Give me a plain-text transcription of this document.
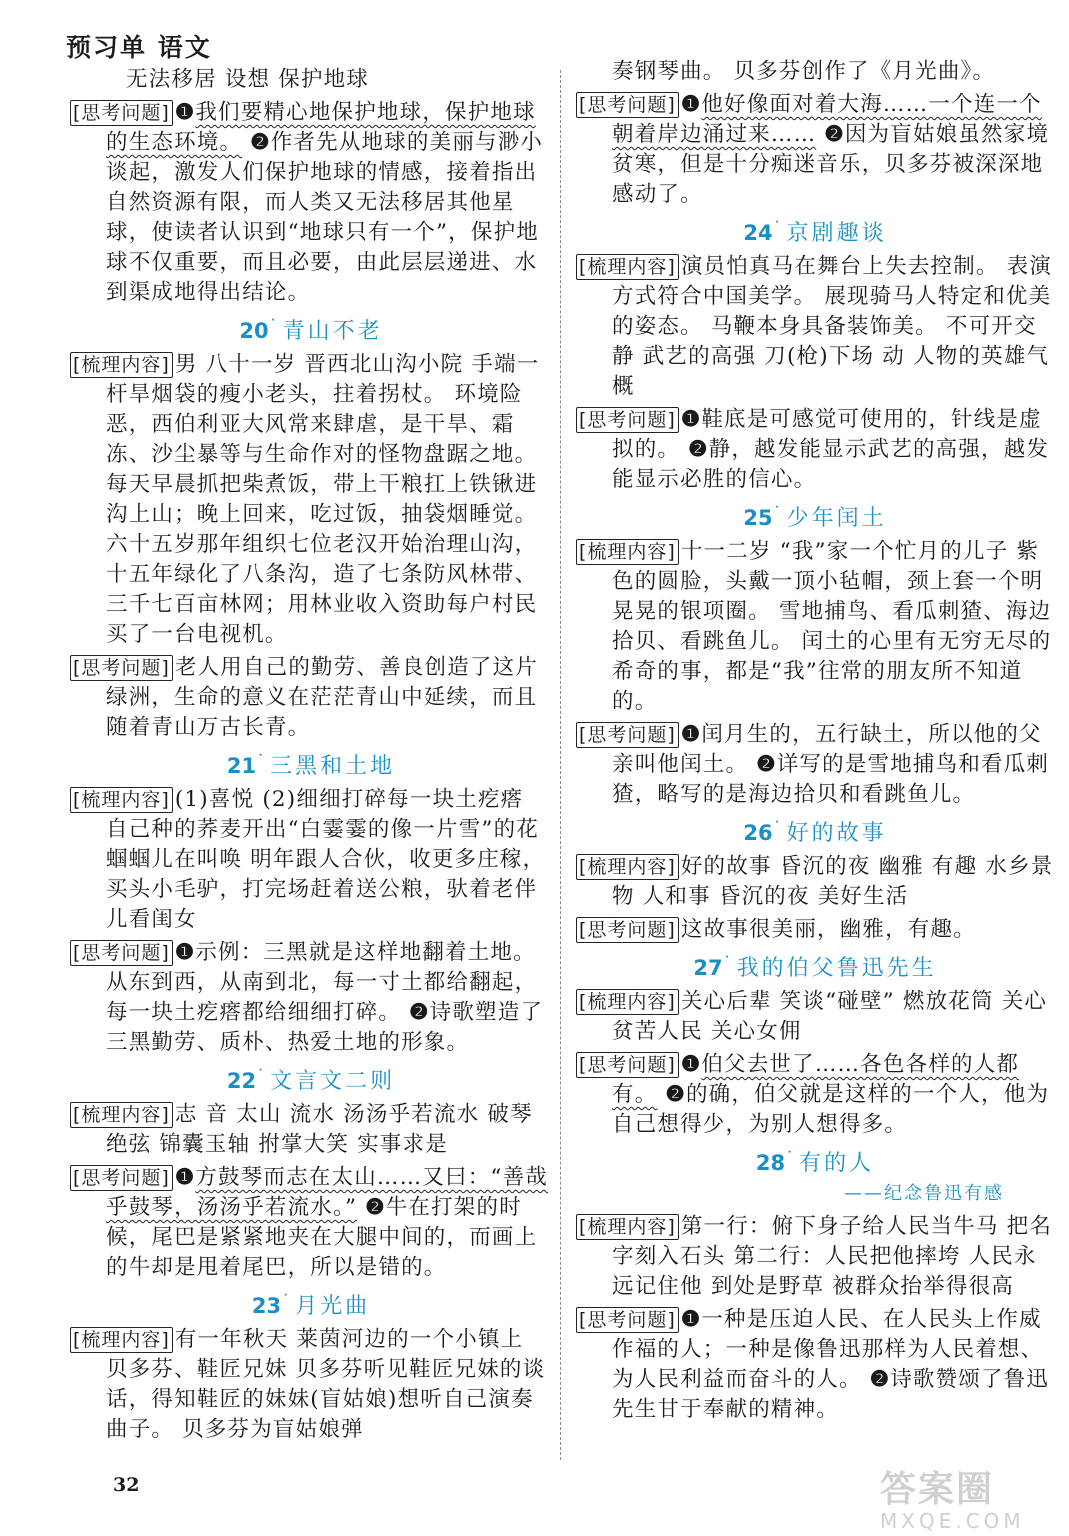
预习单 语文
无法移居 设想 保护地球
[思考问题] ❶我们要精心地保护地球，保护地球的生态环境。 ❷作者先从地球的美丽与渺小谈起，激发人们保护地球的情感，接着指出自然资源有限，而人类又无法移居其他星球，使读者认识到“地球只有一个”，保护地球不仅重要，而且必要，由此层层递进、水到渠成地得出结论。
20 ˙ 青山不老
[梳理内容] 男 八十一岁 晋西北山沟小院 手端一杆旱烟袋的瘦小老头，拄着拐杖。 环境险恶，西伯利亚大风常来肆虐，是干旱、霜冻、沙尘暴等与生命作对的怪物盘踞之地。 每天早晨抓把柴煮饭，带上干粮扛上铁锹进沟上山；晚上回来，吃过饭，抽袋烟睡觉。 六十五岁那年组织七位老汉开始治理山沟，十五年绿化了八条沟，造了七条防风林带、三千七百亩林网；用林业收入资助每户村民买了一台电视机。
[思考问题] 老人用自己的勤劳、善良创造了这片绿洲，生命的意义在茫茫青山中延续，而且随着青山万古长青。
21 ˙ 三黑和土地
[梳理内容] (1)喜悦 (2)细细打碎每一块土疙瘩 自己种的荞麦开出“白霎霎的像一片雪”的花 蝈蝈儿在叫唤 明年跟人合伙，收更多庄稼，买头小毛驴，打完场赶着送公粮，驮着老伴儿看闺女
[思考问题] ❶示例：三黑就是这样地翻着土地。从东到西，从南到北，每一寸土都给翻起，每一块土疙瘩都给细细打碎。 ❷诗歌塑造了三黑勤劳、质朴、热爱土地的形象。
22 ˙ 文言文二则
[梳理内容] 志 音 太山 流水 汤汤乎若流水 破琴绝弦 锦囊玉轴 拊掌大笑 实事求是
[思考问题] ❶方鼓琴而志在太山……又曰：“善哉乎鼓琴，汤汤乎若流水。” ❷牛在打架的时候，尾巴是紧紧地夹在大腿中间的，而画上的牛却是甩着尾巴，所以是错的。
23 ˙ 月光曲
[梳理内容] 有一年秋天 莱茵河边的一个小镇上 贝多芬、鞋匠兄妹 贝多芬听见鞋匠兄妹的谈话，得知鞋匠的妹妹(盲姑娘)想听自己演奏曲子。 贝多芬为盲姑娘弹
奏钢琴曲。 贝多芬创作了《月光曲》。
[思考问题] ❶他好像面对着大海……一个连一个朝着岸边涌过来…… ❷因为盲姑娘虽然家境贫寒，但是十分痴迷音乐，贝多芬被深深地感动了。
24 ˙ 京剧趣谈
[梳理内容] 演员怕真马在舞台上失去控制。 表演方式符合中国美学。 展现骑马人特定和优美的姿态。 马鞭本身具备装饰美。 不可开交 静 武艺的高强 刀(枪)下场 动 人物的英雄气概
[思考问题] ❶鞋底是可感觉可使用的，针线是虚拟的。 ❷静，越发能显示武艺的高强，越发能显示必胜的信心。
25 ˙ 少年闰土
[梳理内容] 十一二岁 “我”家一个忙月的儿子 紫色的圆脸，头戴一顶小毡帽，颈上套一个明晃晃的银项圈。 雪地捕鸟、看瓜刺猹、海边拾贝、看跳鱼儿。 闰土的心里有无穷无尽的希奇的事，都是“我”往常的朋友所不知道的。
[思考问题] ❶闰月生的，五行缺土，所以他的父亲叫他闰土。 ❷详写的是雪地捕鸟和看瓜刺猹，略写的是海边拾贝和看跳鱼儿。
26 ˙ 好的故事
[梳理内容] 好的故事 昏沉的夜 幽雅 有趣 水乡景物 人和事 昏沉的夜 美好生活
[思考问题] 这故事很美丽，幽雅，有趣。
27 ˙ 我的伯父鲁迅先生
[梳理内容] 关心后辈 笑谈“碰壁” 燃放花筒 关心贫苦人民 关心女佣
[思考问题] ❶伯父去世了……各色各样的人都有。 ❷的确，伯父就是这样的一个人，他为自己想得少，为别人想得多。
28 ˙ 有的人
——纪念鲁迅有感
[梳理内容] 第一行：俯下身子给人民当牛马 把名字刻入石头 第二行：人民把他摔垮 人民永远记住他 到处是野草 被群众抬举得很高
[思考问题] ❶一种是压迫人民、在人民头上作威作福的人；一种是像鲁迅那样为人民着想、为人民利益而奋斗的人。 ❷诗歌赞颂了鲁迅先生甘于奉献的精神。
32	答案圈
MXQE.COM
